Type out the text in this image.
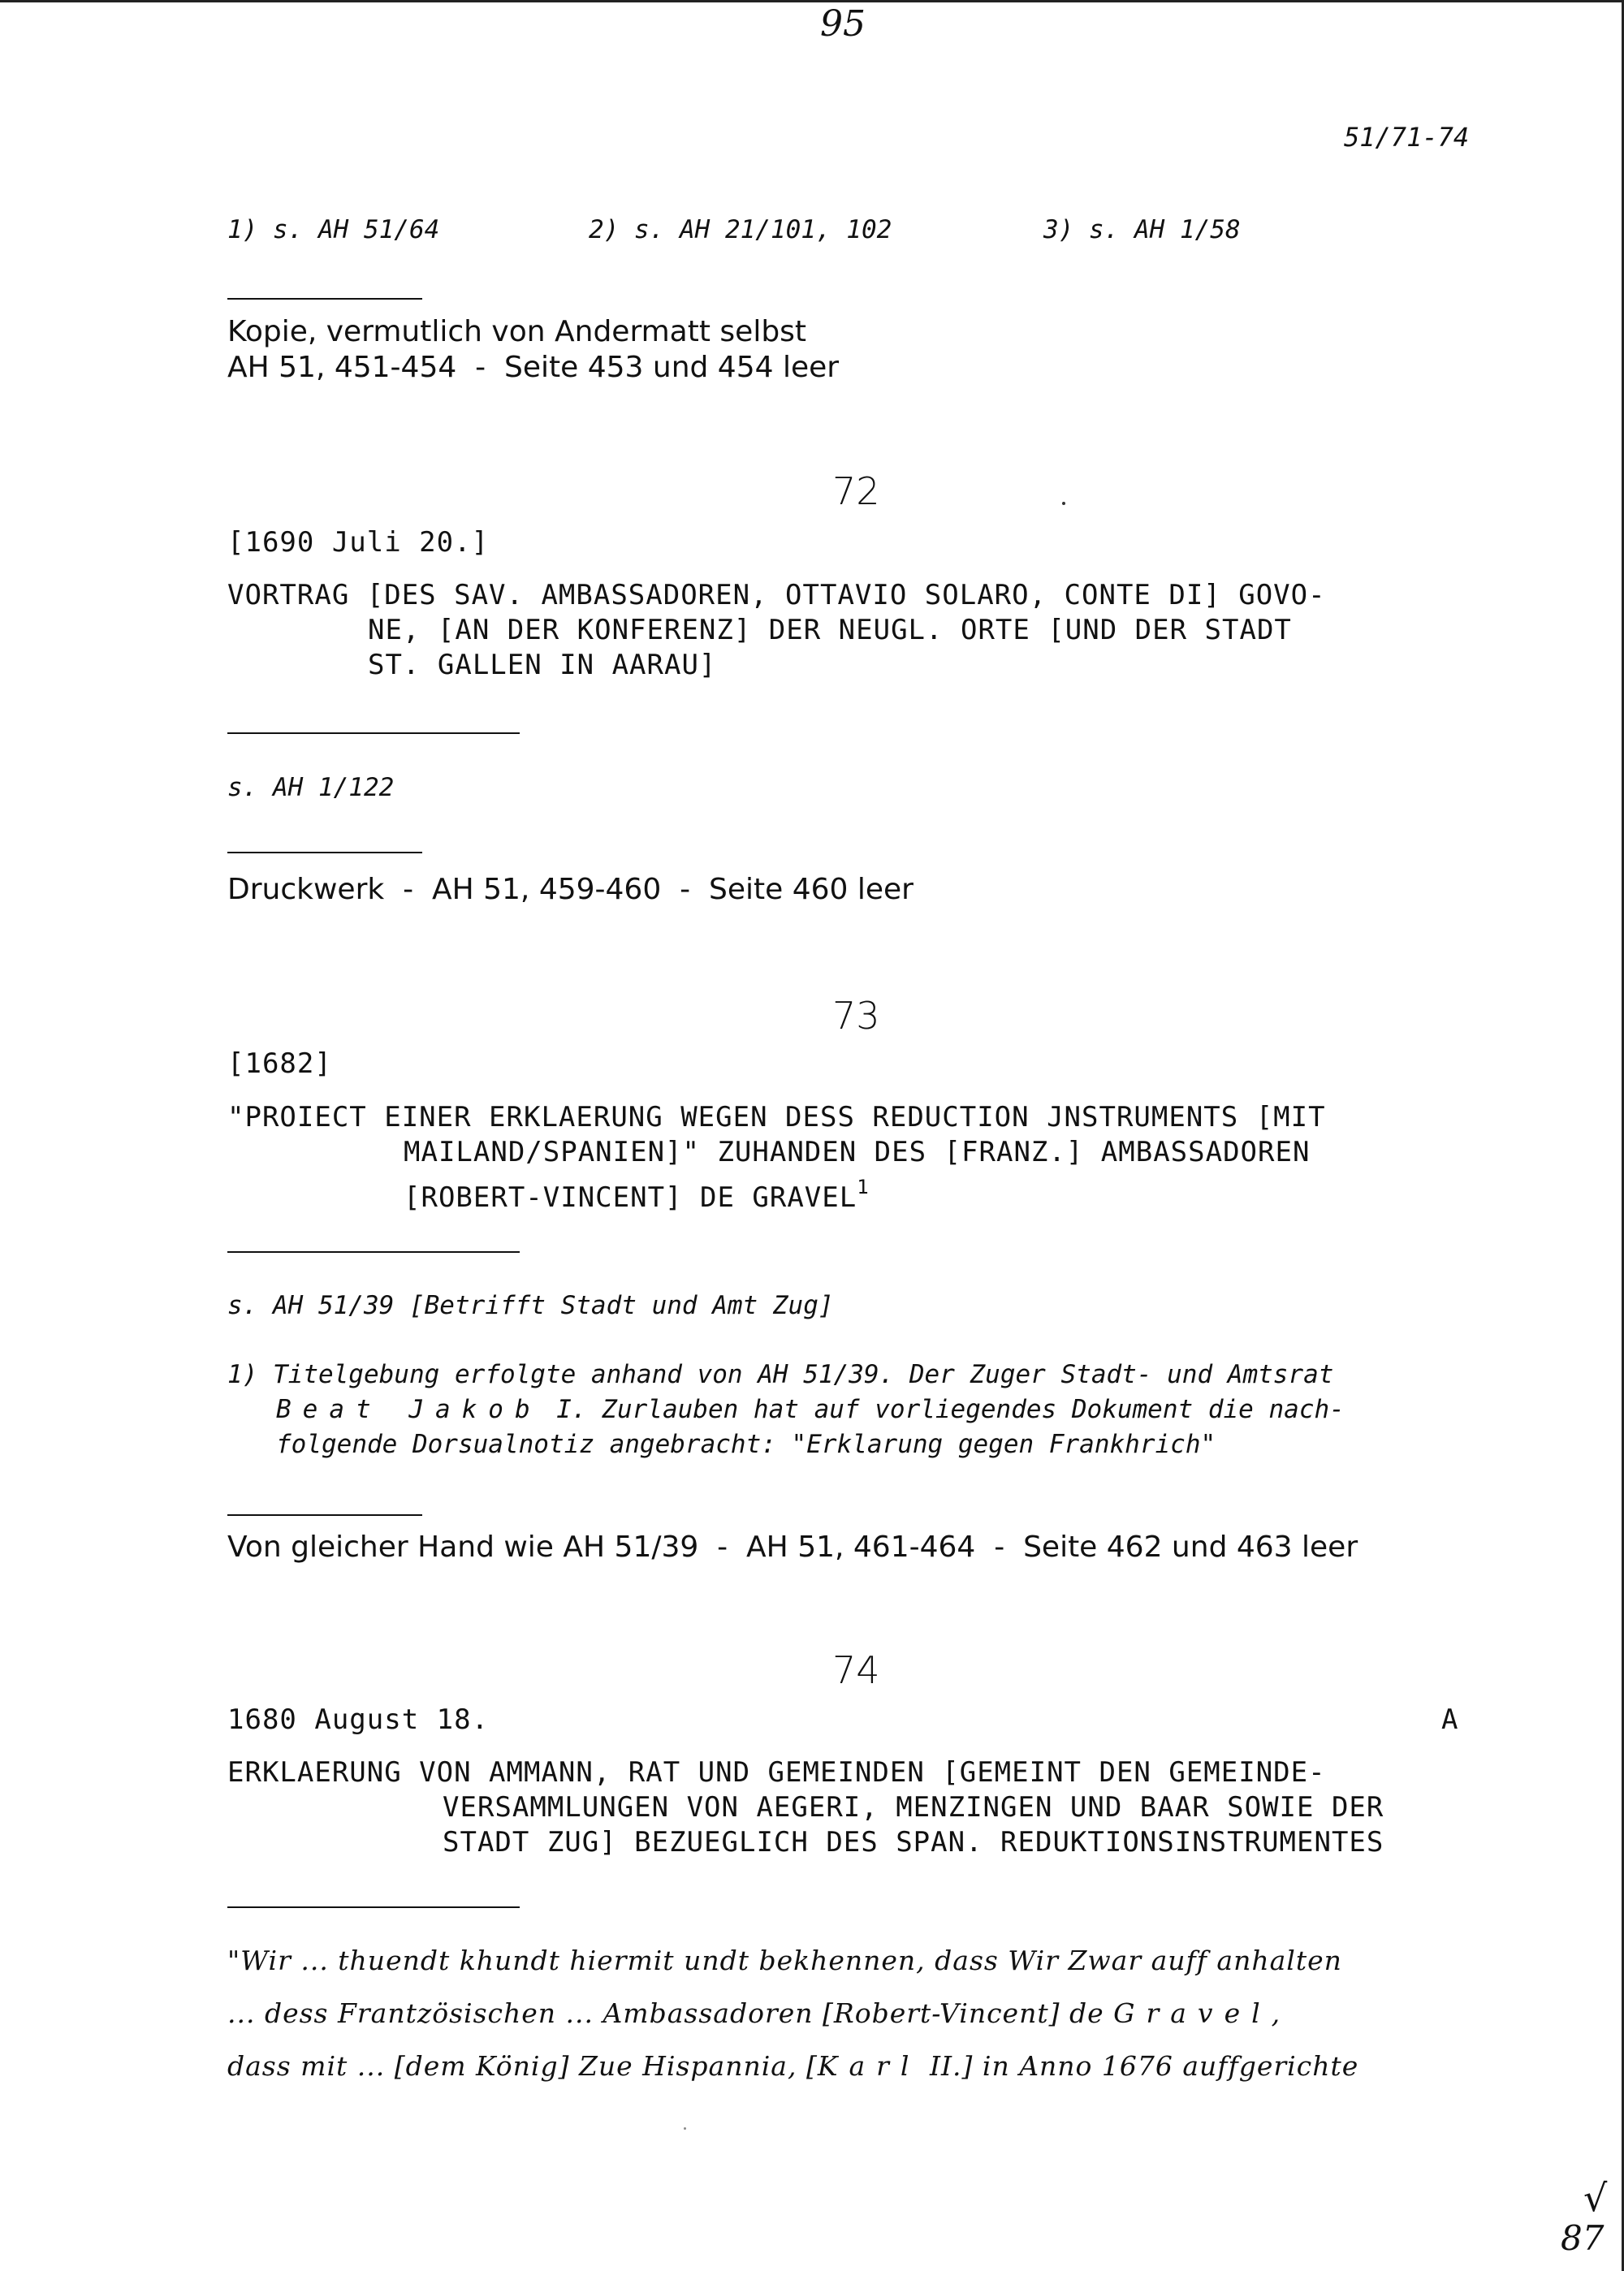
95
51/71-74
1) s. AH 51/64	2) s. AH 21/101, 102	3) s. AH 1/58
Kopie, vermutlich von Andermatt selbst
AH 51, 451-454  -  Seite 453 und 454 leer
72
[1690 Juli 20.]
VORTRAG [DES SAV. AMBASSADOREN, OTTAVIO SOLARO, CONTE DI] GOVO-
NE, [AN DER KONFERENZ] DER NEUGL. ORTE [UND DER STADT
ST. GALLEN IN AARAU]
s. AH 1/122
Druckwerk  -  AH 51, 459-460  -  Seite 460 leer
73
[1682]
"PROIECT EINER ERKLAERUNG WEGEN DESS REDUCTION JNSTRUMENTS [MIT
MAILAND/SPANIEN]" ZUHANDEN DES [FRANZ.] AMBASSADOREN
[ROBERT-VINCENT] DE GRAVEL$^1$
s. AH 51/39 [Betrifft Stadt und Amt Zug]
1) Titelgebung erfolgte anhand von AH 51/39. Der Zuger Stadt- und Amtsrat
Beat Jakob I. Zurlauben hat auf vorliegendes Dokument die nach-
folgende Dorsualnotiz angebracht: "Erklarung gegen Frankhrich"
Von gleicher Hand wie AH 51/39  -  AH 51, 461-464  -  Seite 462 und 463 leer
74
1680 August 18.	A
ERKLAERUNG VON AMMANN, RAT UND GEMEINDEN [GEMEINT DEN GEMEINDE-
VERSAMMLUNGEN VON AEGERI, MENZINGEN UND BAAR SOWIE DER
STADT ZUG] BEZUEGLICH DES SPAN. REDUKTIONSINSTRUMENTES
"Wir ... thuendt khundt hiermit undt bekhennen, dass Wir Zwar auff anhalten
... dess Frantzösischen ... Ambassadoren [Robert-Vincent] de Gravel,
dass mit ... [dem König] Zue Hispannia, [Karl II.] in Anno 1676 auffgerichte
√
87
